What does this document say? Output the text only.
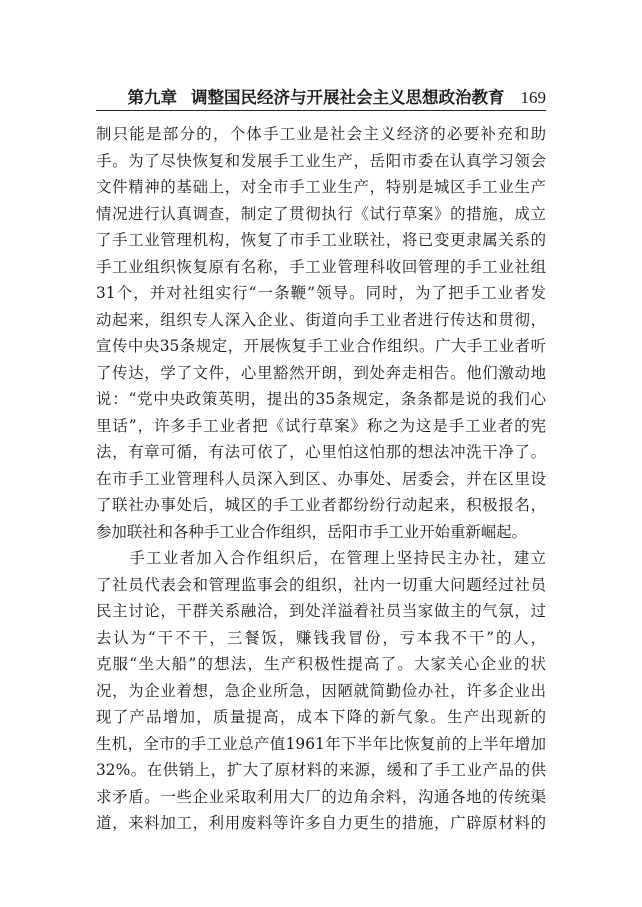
第九章 调整国民经济与开展社会主义思想政治教育 169
制只能是部分的，个体手工业是社会主义经济的必要补充和助
手。为了尽快恢复和发展手工业生产，岳阳市委在认真学习领会
文件精神的基础上，对全市手工业生产，特别是城区手工业生产
情况进行认真调查，制定了贯彻执行《试行草案》的措施，成立
了手工业管理机构，恢复了市手工业联社，将已变更隶属关系的
手工业组织恢复原有名称，手工业管理科收回管理的手工业社组
31个，并对社组实行“一条鞭”领导。同时，为了把手工业者发
动起来，组织专人深入企业、街道向手工业者进行传达和贯彻，
宣传中央35条规定，开展恢复手工业合作组织。广大手工业者听
了传达，学了文件，心里豁然开朗，到处奔走相告。他们激动地
说：“党中央政策英明，提出的35条规定，条条都是说的我们心
里话”，许多手工业者把《试行草案》称之为这是手工业者的宪
法，有章可循，有法可依了，心里怕这怕那的想法冲洗干净了。
在市手工业管理科人员深入到区、办事处、居委会，并在区里设
了联社办事处后，城区的手工业者都纷纷行动起来，积极报名，
参加联社和各种手工业合作组织，岳阳市手工业开始重新崛起。
　　手工业者加入合作组织后，在管理上坚持民主办社，建立
了社员代表会和管理监事会的组织，社内一切重大问题经过社员
民主讨论，干群关系融洽，到处洋溢着社员当家做主的气氛，过
去认为“干不干，三餐饭，赚钱我冒份，亏本我不干”的人，
克服“坐大船”的想法，生产积极性提高了。大家关心企业的状
况，为企业着想，急企业所急，因陋就简勤俭办社，许多企业出
现了产品增加，质量提高，成本下降的新气象。生产出现新的
生机，全市的手工业总产值1961年下半年比恢复前的上半年增加
32%。在供销上，扩大了原材料的来源，缓和了手工业产品的供
求矛盾。一些企业采取利用大厂的边角余料，沟通各地的传统渠
道，来料加工，利用废料等许多自力更生的措施，广辟原材料的
